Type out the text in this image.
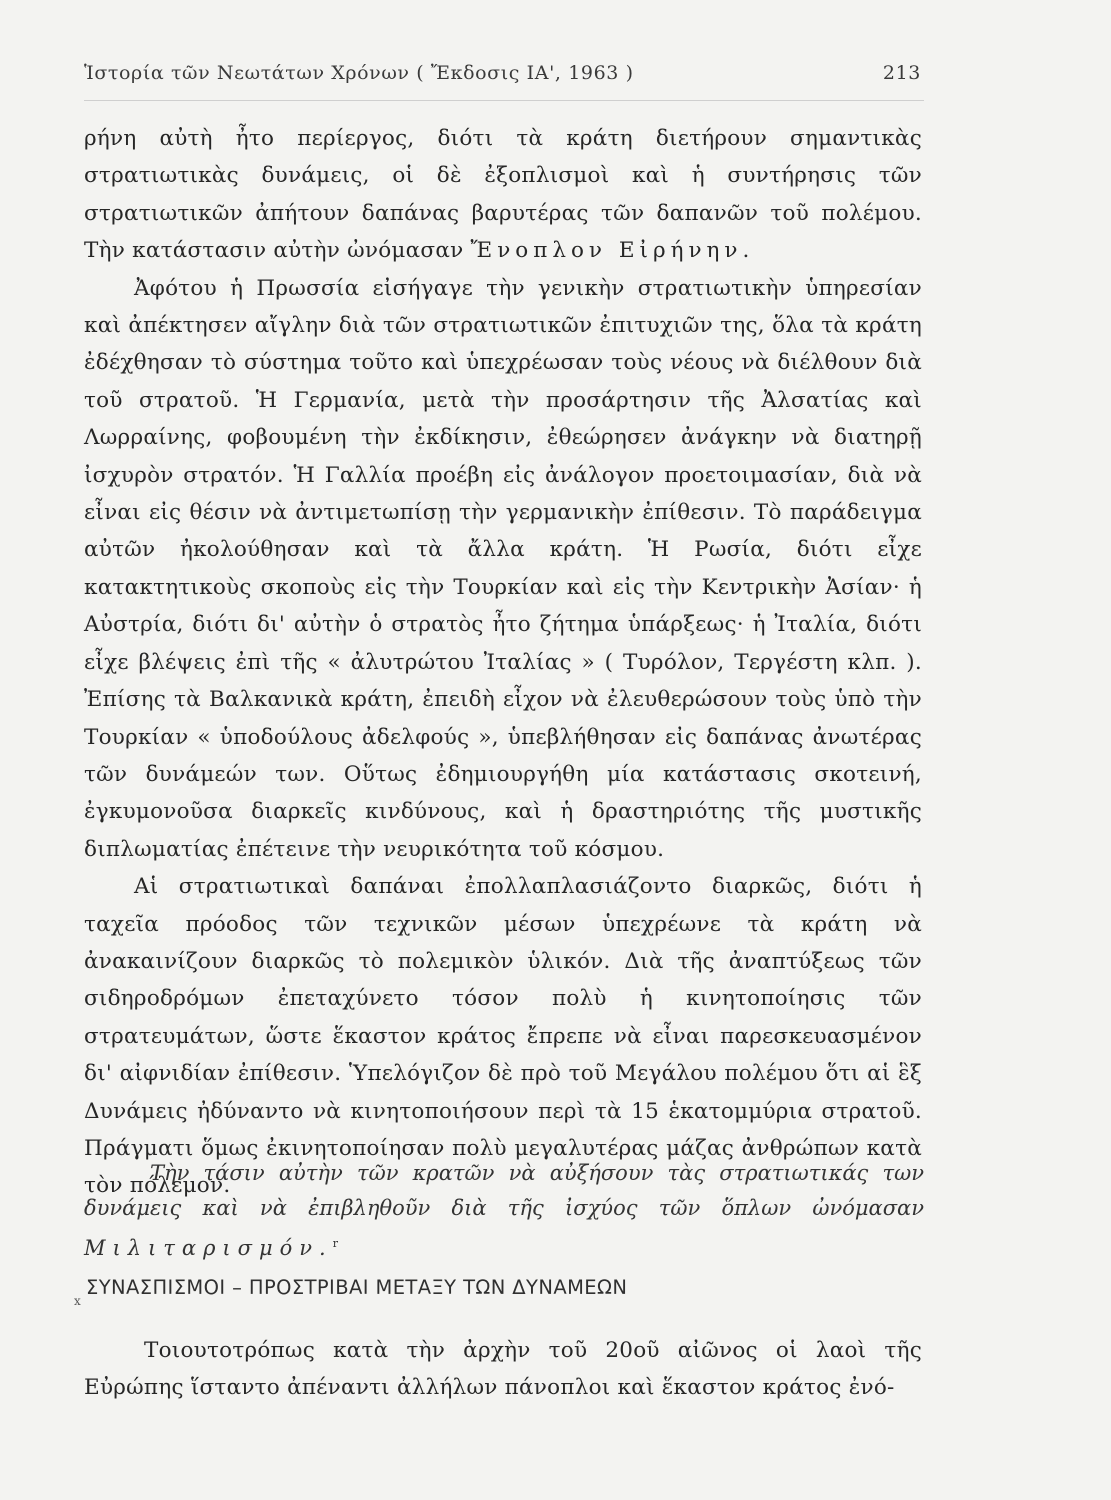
Ἱστορία τῶν Νεωτάτων Χρόνων ( Ἔκδοσις ΙΑ', 1963 )	213

ρήνη αὐτὴ ἦτο περίεργος, διότι τὰ κράτη διετήρουν σημαντικὰς στρατιωτικὰς δυνάμεις, οἱ δὲ ἐξοπλισμοὶ καὶ ἡ συντήρησις τῶν στρατιωτικῶν ἀπήτουν δαπάνας βαρυτέρας τῶν δαπανῶν τοῦ πολέμου. Τὴν κατάστασιν αὐτὴν ὠνόμασαν Ἔνοπλον Εἰρήνην.

Ἀφότου ἡ Πρωσσία εἰσήγαγε τὴν γενικὴν στρατιωτικὴν ὑπηρεσίαν καὶ ἀπέκτησεν αἴγλην διὰ τῶν στρατιωτικῶν ἐπιτυχιῶν της, ὅλα τὰ κράτη ἐδέχθησαν τὸ σύστημα τοῦτο καὶ ὑπεχρέωσαν τοὺς νέους νὰ διέλθουν διὰ τοῦ στρατοῦ. Ἡ Γερμανία, μετὰ τὴν προσάρτησιν τῆς Ἀλσατίας καὶ Λωρραίνης, φοβουμένη τὴν ἐκδίκησιν, ἐθεώρησεν ἀνάγκην νὰ διατηρῇ ἰσχυρὸν στρατόν. Ἡ Γαλλία προέβη εἰς ἀνάλογον προετοιμασίαν, διὰ νὰ εἶναι εἰς θέσιν νὰ ἀντιμετωπίσῃ τὴν γερμανικὴν ἐπίθεσιν. Τὸ παράδειγμα αὐτῶν ἠκολούθησαν καὶ τὰ ἄλλα κράτη. Ἡ Ρωσία, διότι εἶχε κατακτητικοὺς σκοποὺς εἰς τὴν Τουρκίαν καὶ εἰς τὴν Κεντρικὴν Ἀσίαν· ἡ Αὐστρία, διότι δι' αὐτὴν ὁ στρατὸς ἦτο ζήτημα ὑπάρξεως· ἡ Ἰταλία, διότι εἶχε βλέψεις ἐπὶ τῆς « ἀλυτρώτου Ἰταλίας » ( Τυρόλον, Τεργέστη κλπ. ). Ἐπίσης τὰ Βαλκανικὰ κράτη, ἐπειδὴ εἶχον νὰ ἐλευθερώσουν τοὺς ὑπὸ τὴν Τουρκίαν « ὑποδούλους ἀδελφούς », ὑπεβλήθησαν εἰς δαπάνας ἀνωτέρας τῶν δυνάμεών των. Οὕτως ἐδημιουργήθη μία κατάστασις σκοτεινή, ἐγκυμονοῦσα διαρκεῖς κινδύνους, καὶ ἡ δραστηριότης τῆς μυστικῆς διπλωματίας ἐπέτεινε τὴν νευρικότητα τοῦ κόσμου.

Αἱ στρατιωτικαὶ δαπάναι ἐπολλαπλασιάζοντο διαρκῶς, διότι ἡ ταχεῖα πρόοδος τῶν τεχνικῶν μέσων ὑπεχρέωνε τὰ κράτη νὰ ἀνακαινίζουν διαρκῶς τὸ πολεμικὸν ὑλικόν. Διὰ τῆς ἀναπτύξεως τῶν σιδηροδρόμων ἐπεταχύνετο τόσον πολὺ ἡ κινητοποίησις τῶν στρατευμάτων, ὥστε ἕκαστον κράτος ἔπρεπε νὰ εἶναι παρεσκευασμένον δι' αἰφνιδίαν ἐπίθεσιν. Ὑπελόγιζον δὲ πρὸ τοῦ Μεγάλου πολέμου ὅτι αἱ ἓξ Δυνάμεις ἠδύναντο νὰ κινητοποιήσουν περὶ τὰ 15 ἑκατομμύρια στρατοῦ. Πράγματι ὅμως ἐκινητοποίησαν πολὺ μεγαλυτέρας μάζας ἀνθρώπων κατὰ τὸν πόλεμον.

Τὴν τάσιν αὐτὴν τῶν κρατῶν νὰ αὐξήσουν τὰς στρατιωτικάς των δυνάμεις καὶ νὰ ἐπιβληθοῦν διὰ τῆς ἰσχύος τῶν ὅπλων ὠνόμασαν Μιλιταρισμόν.$^r$
x
ΣΥΝΑΣΠΙΣΜΟΙ – ΠΡΟΣΤΡΙΒΑΙ ΜΕΤΑΞΥ ΤΩΝ ΔΥΝΑΜΕΩΝ

Τοιουτοτρόπως κατὰ τὴν ἀρχὴν τοῦ 20οῦ αἰῶνος οἱ λαοὶ τῆς Εὐρώπης ἵσταντο ἀπέναντι ἀλλήλων πάνοπλοι καὶ ἕκαστον κράτος ἐνό-
